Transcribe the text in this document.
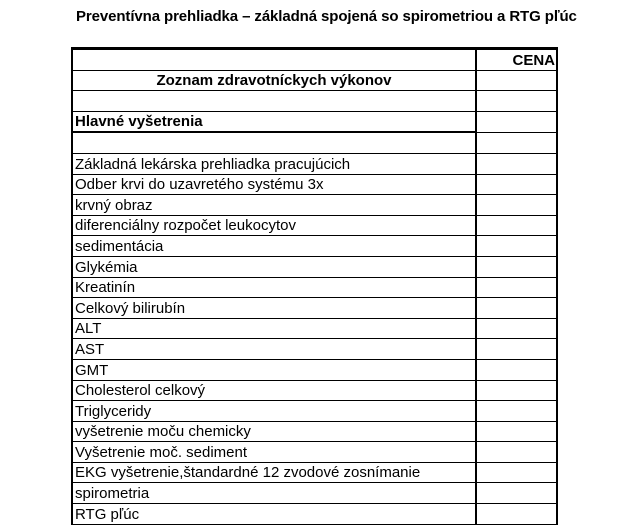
Preventívna prehliadka – základná spojená so spirometriou a RTG pľúc
	CENA
Zoznam zdravotníckych výkonov	

Hlavné vyšetrenia	

Základná lekárska prehliadka pracujúcich	
Odber krvi do uzavretého systému 3x	
krvný obraz	
diferenciálny rozpočet leukocytov	
sedimentácia	
Glykémia	
Kreatinín	
Celkový bilirubín	
ALT	
AST	
GMT	
Cholesterol celkový	
Triglyceridy	
vyšetrenie moču chemicky	
Vyšetrenie moč. sediment	
EKG vyšetrenie,štandardné 12 zvodové zosnímanie	
spirometria	
RTG pľúc	
